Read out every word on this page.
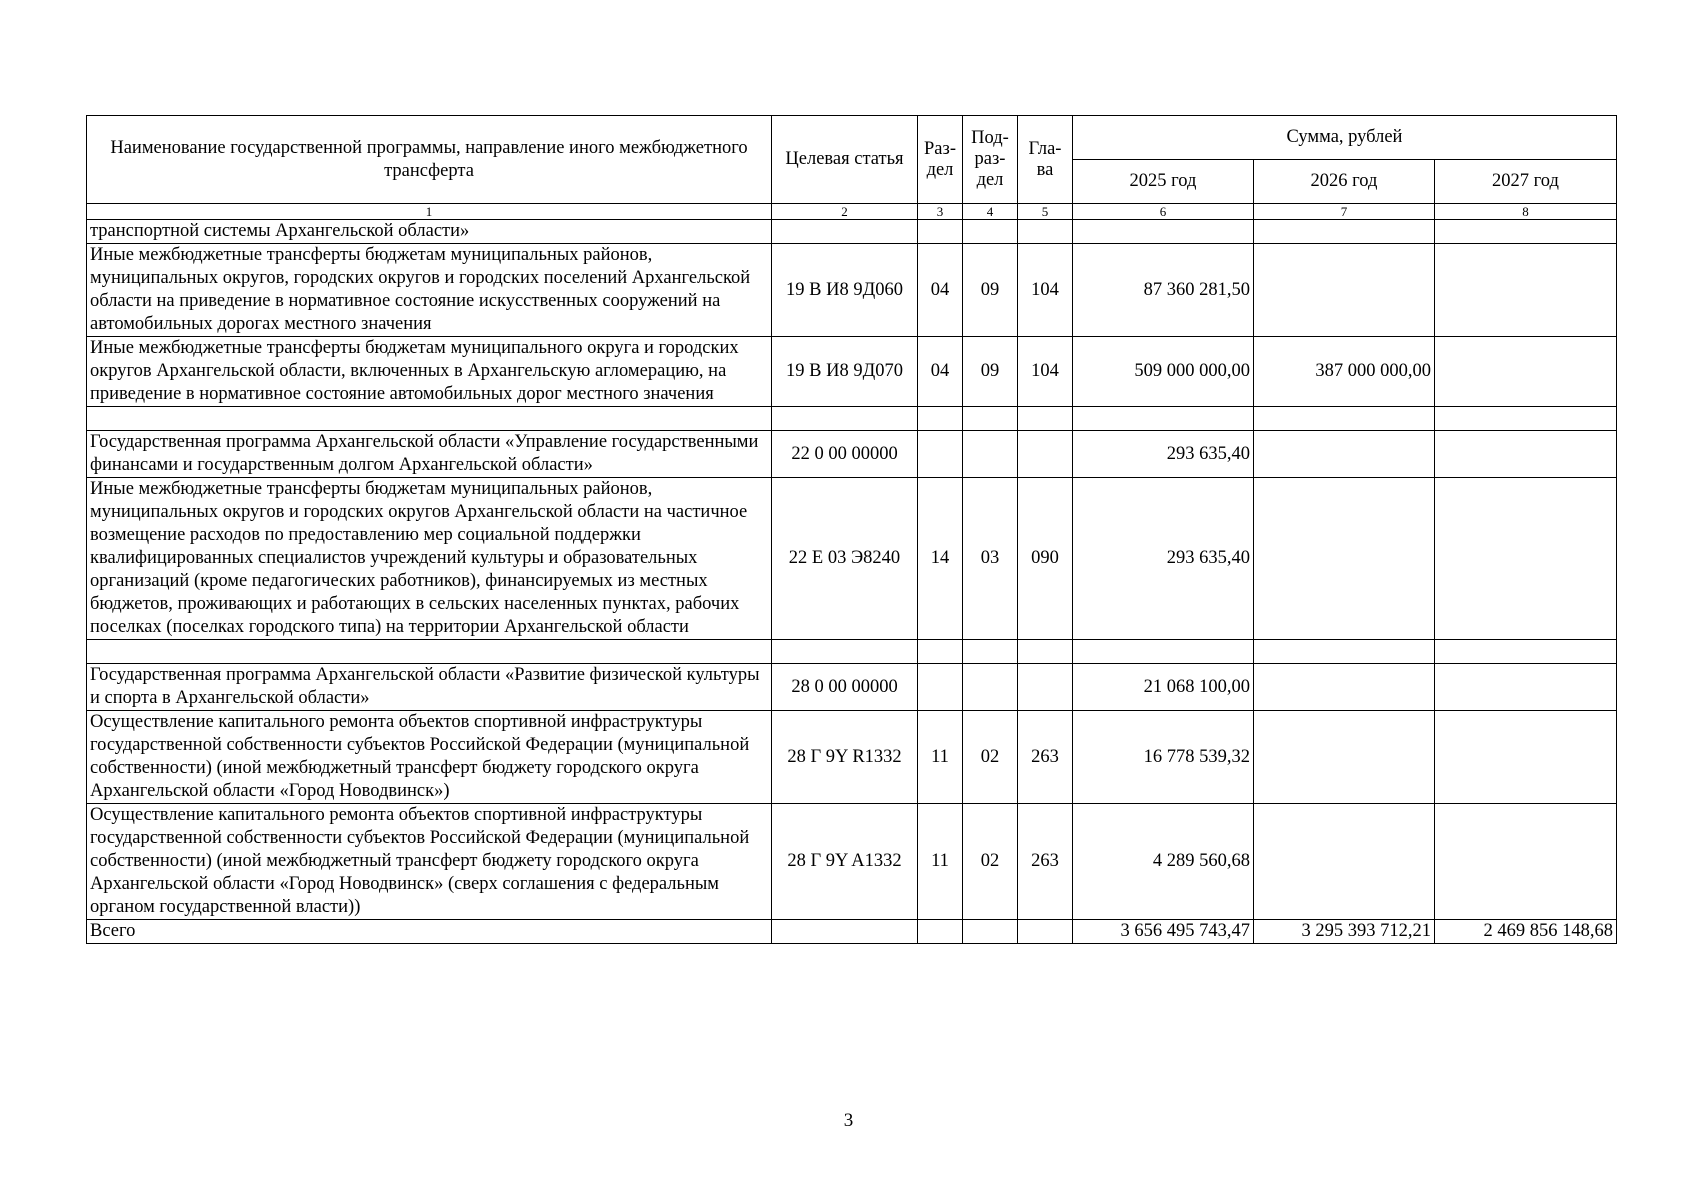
Наименование государственной программы, направление иного межбюджетного трансферта	Целевая статья	Раз-дел	Под-раз-дел	Гла-ва	Сумма, рублей		
					2025 год	2026 год	2027 год
1	2	3	4	5	6	7	8
транспортной системы Архангельской области»							
Иные межбюджетные трансферты бюджетам муниципальных районов, муниципальных округов, городских округов и городских поселений Архангельской области на приведение в нормативное состояние искусственных сооружений на автомобильных дорогах местного значения	19 В И8 9Д060	04	09	104	87 360 281,50		
Иные межбюджетные трансферты бюджетам муниципального округа и городских округов Архангельской области, включенных в Архангельскую агломерацию, на приведение в нормативное состояние автомобильных дорог местного значения	19 В И8 9Д070	04	09	104	509 000 000,00	387 000 000,00	

Государственная программа Архангельской области «Управление государственными финансами и государственным долгом Архангельской области»	22 0 00 00000				293 635,40		
Иные межбюджетные трансферты бюджетам муниципальных районов, муниципальных округов и городских округов Архангельской области на частичное возмещение расходов по предоставлению мер социальной поддержки квалифицированных специалистов учреждений культуры и образовательных организаций (кроме педагогических работников), финансируемых из местных бюджетов, проживающих и работающих в сельских населенных пунктах, рабочих поселках (поселках городского типа) на территории Архангельской области	22 Е 03 Э8240	14	03	090	293 635,40		

Государственная программа Архангельской области «Развитие физической культуры и спорта в Архангельской области»	28 0 00 00000				21 068 100,00		
Осуществление капитального ремонта объектов спортивной инфраструктуры государственной собственности субъектов Российской Федерации (муниципальной собственности) (иной межбюджетный трансферт бюджету городского округа Архангельской области «Город Новодвинск»)	28 Г 9Y R1332	11	02	263	16 778 539,32		
Осуществление капитального ремонта объектов спортивной инфраструктуры государственной собственности субъектов Российской Федерации (муниципальной собственности) (иной межбюджетный трансферт бюджету городского округа Архангельской области «Город Новодвинск» (сверх соглашения с федеральным органом государственной власти))	28 Г 9Y A1332	11	02	263	4 289 560,68		
Всего					3 656 495 743,47	3 295 393 712,21	2 469 856 148,68
3
